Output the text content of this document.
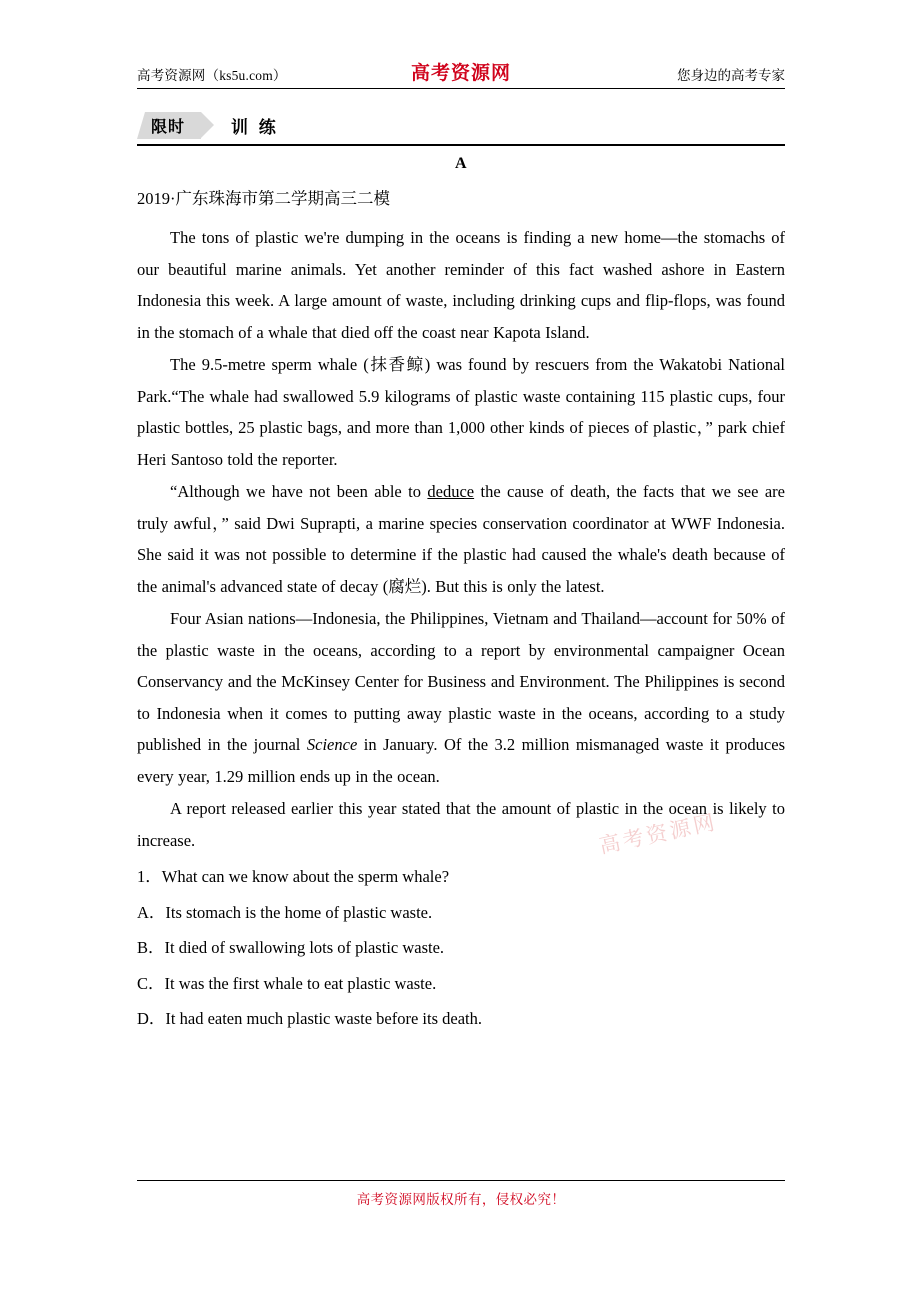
高考资源网（ks5u.com）	高考资源网	您身边的高考专家
限时	训 练
A
2019·广东珠海市第二学期高三二模

The tons of plastic we're dumping in the oceans is finding a new home—the stomachs of our beautiful marine animals. Yet another reminder of this fact washed ashore in Eastern Indonesia this week. A large amount of waste, including drinking cups and flip-flops, was found in the stomach of a whale that died off the coast near Kapota Island.

The 9.5-metre sperm whale (抹香鲸) was found by rescuers from the Wakatobi National Park.“The whale had swallowed 5.9 kilograms of plastic waste containing 115 plastic cups, four plastic bottles, 25 plastic bags, and more than 1,000 other kinds of pieces of plastic，” park chief Heri Santoso told the reporter.

“Although we have not been able to deduce the cause of death, the facts that we see are truly awful，” said Dwi Suprapti, a marine species conservation coordinator at WWF Indonesia. She said it was not possible to determine if the plastic had caused the whale's death because of the animal's advanced state of decay (腐烂). But this is only the latest.

Four Asian nations—Indonesia, the Philippines, Vietnam and Thailand—account for 50% of the plastic waste in the oceans, according to a report by environmental campaigner Ocean Conservancy and the McKinsey Center for Business and Environment. The Philippines is second to Indonesia when it comes to putting away plastic waste in the oceans, according to a study published in the journal Science in January. Of the 3.2 million mismanaged waste it produces every year, 1.29 million ends up in the ocean.

A report released earlier this year stated that the amount of plastic in the ocean is likely to increase.

1．What can we know about the sperm whale?

A．Its stomach is the home of plastic waste.

B．It died of swallowing lots of plastic waste.

C．It was the first whale to eat plastic waste.

D．It had eaten much plastic waste before its death.

高考资源网
高考资源网版权所有，侵权必究！
